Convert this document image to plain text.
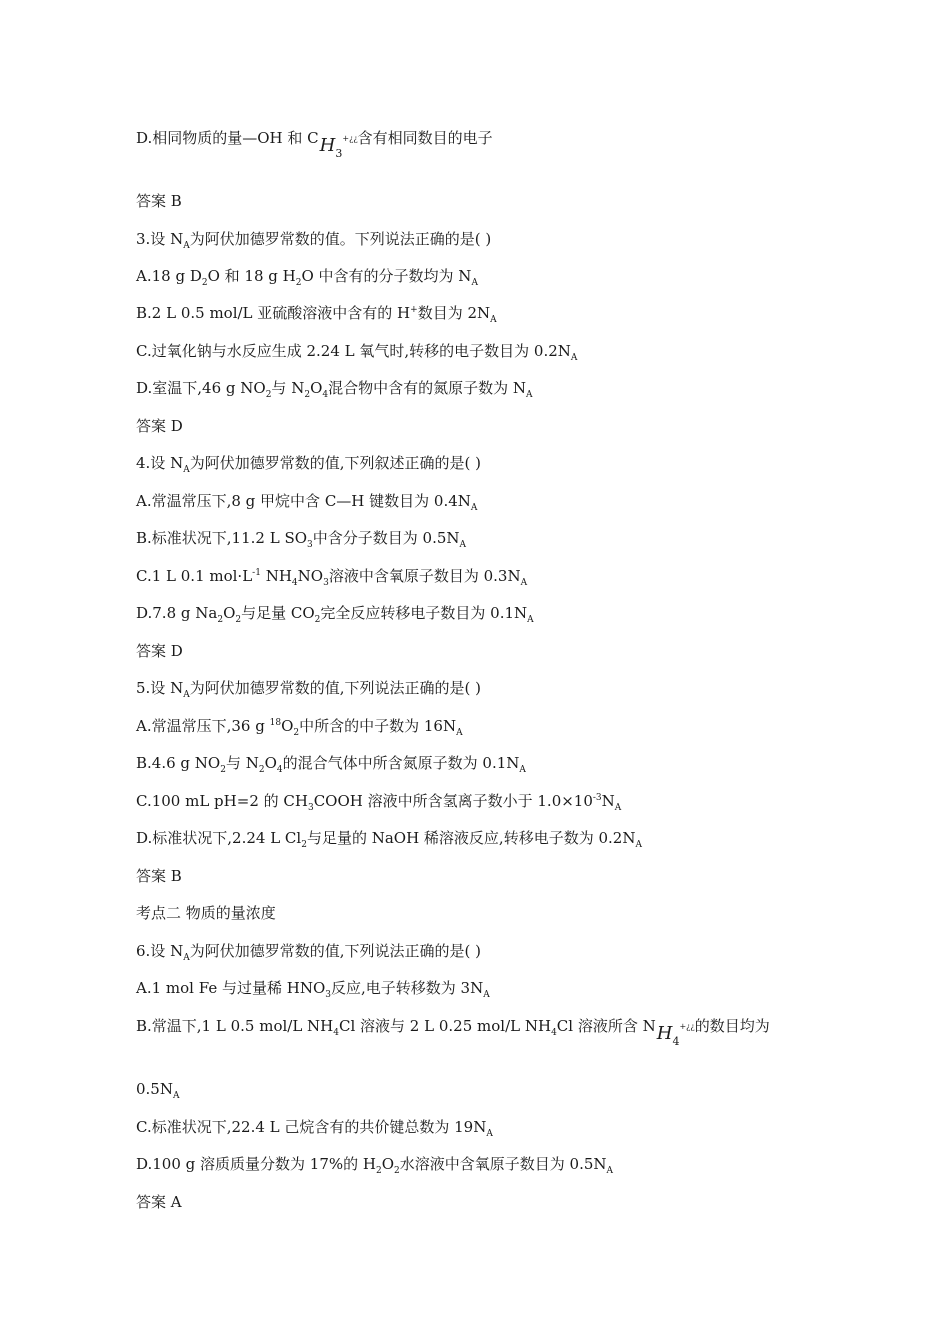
D.相同物质的量—OH 和 $CH_3^{+¿¿}$含有相同数目的电子
答案 B
3.设 $N_A$为阿伏加德罗常数的值。下列说法正确的是( )
A.18 g $D_2O$ 和 18 g $H_2O$ 中含有的分子数均为 $N_A$
B.2 L 0.5 mol/L 亚硫酸溶液中含有的 H+数目为 $2N_A$
C.过氧化钠与水反应生成 2.24 L 氧气时,转移的电子数目为 $0.2N_A$
D.室温下,46 g $NO_2$与 $N_2O_4$混合物中含有的氮原子数为 $N_A$
答案 D
4.设 $N_A$为阿伏加德罗常数的值,下列叙述正确的是( )
A.常温常压下,8 g 甲烷中含 C—H 键数目为 $0.4N_A$
B.标准状况下,11.2 L $SO_3$中含分子数目为 $0.5N_A$
C.1 L 0.1 $mol\cdot L^{-1}$ $NH_4NO_3$溶液中含氧原子数目为 $0.3N_A$
D.7.8 g $Na_2O_2$与足量 $CO_2$完全反应转移电子数目为 $0.1N_A$
答案 D
5.设 $N_A$为阿伏加德罗常数的值,下列说法正确的是( )
A.常温常压下,36 g $^{18}O_2$中所含的中子数为 $16N_A$
B.4.6 g $NO_2$与 $N_2O_4$的混合气体中所含氮原子数为 $0.1N_A$
C.100 mL pH=2 的 $CH_3COOH$ 溶液中所含氢离子数小于 $1.0\times 10^{-3}N_A$
D.标准状况下,2.24 L $Cl_2$与足量的 NaOH 稀溶液反应,转移电子数为 $0.2N_A$
答案 B
考点二 物质的量浓度
6.设 $N_A$为阿伏加德罗常数的值,下列说法正确的是( )
A.1 mol Fe 与过量稀 $HNO_3$反应,电子转移数为 $3N_A$
B.常温下,1 L 0.5 mol/L $NH_4Cl$ 溶液与 2 L 0.25 mol/L $NH_4Cl$ 溶液所含 $NH_4^{+¿¿}$的数目均为
$0.5N_A$
C.标准状况下,22.4 L 己烷含有的共价键总数为 $19N_A$
D.100 g 溶质质量分数为 17%的 $H_2O_2$水溶液中含氧原子数目为 $0.5N_A$
答案 A
